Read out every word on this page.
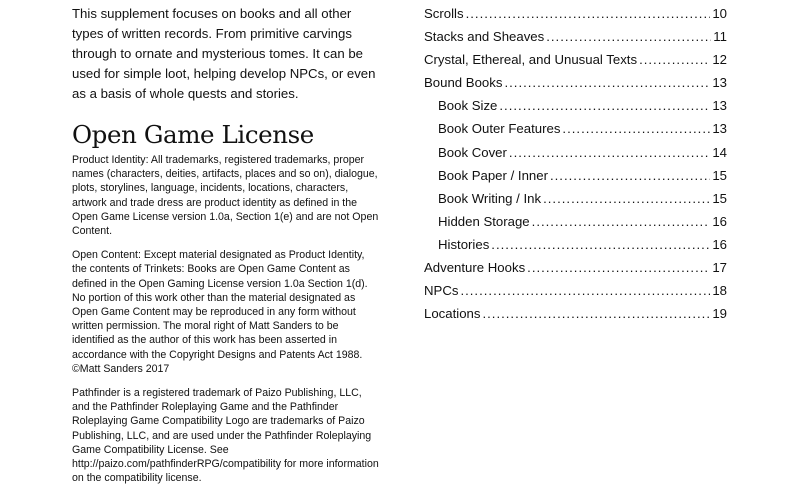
This supplement focuses on books and all other types of written records. From primitive carvings through to ornate and mysterious tomes. It can be used for simple loot, helping develop NPCs, or even as a basis of whole quests and stories.

Open Game License

Product Identity: All trademarks, registered trademarks, proper names (characters, deities, artifacts, places and so on), dialogue, plots, storylines, language, incidents, locations, characters, artwork and trade dress are product identity as defined in the Open Game License version 1.0a, Section 1(e) and are not Open Content.

Open Content: Except material designated as Product Identity, the contents of Trinkets: Books are Open Game Content as defined in the Open Gaming License version 1.0a Section 1(d). No portion of this work other than the material designated as Open Game Content may be reproduced in any form without written permission. The moral right of Matt Sanders to be identified as the author of this work has been asserted in accordance with the Copyright Designs and Patents Act 1988. ©Matt Sanders 2017

Pathfinder is a registered trademark of Paizo Publishing, LLC, and the Pathfinder Roleplaying Game and the Pathfinder Roleplaying Game Compatibility Logo are trademarks of Paizo Publishing, LLC, and are used under the Pathfinder Roleplaying Game Compatibility License. See http://paizo.com/pathfinderRPG/compatibility for more information on the compatibility license.

Scrolls .....	10
Stacks and Sheaves .....	11
Crystal, Ethereal, and Unusual Texts .....	12
Bound Books .....	13
Book Size .....	13
Book Outer Features .....	13
Book Cover .....	14
Book Paper / Inner .....	15
Book Writing / Ink .....	15
Hidden Storage .....	16
Histories .....	16
Adventure Hooks .....	17
NPCs .....	18
Locations .....	19
